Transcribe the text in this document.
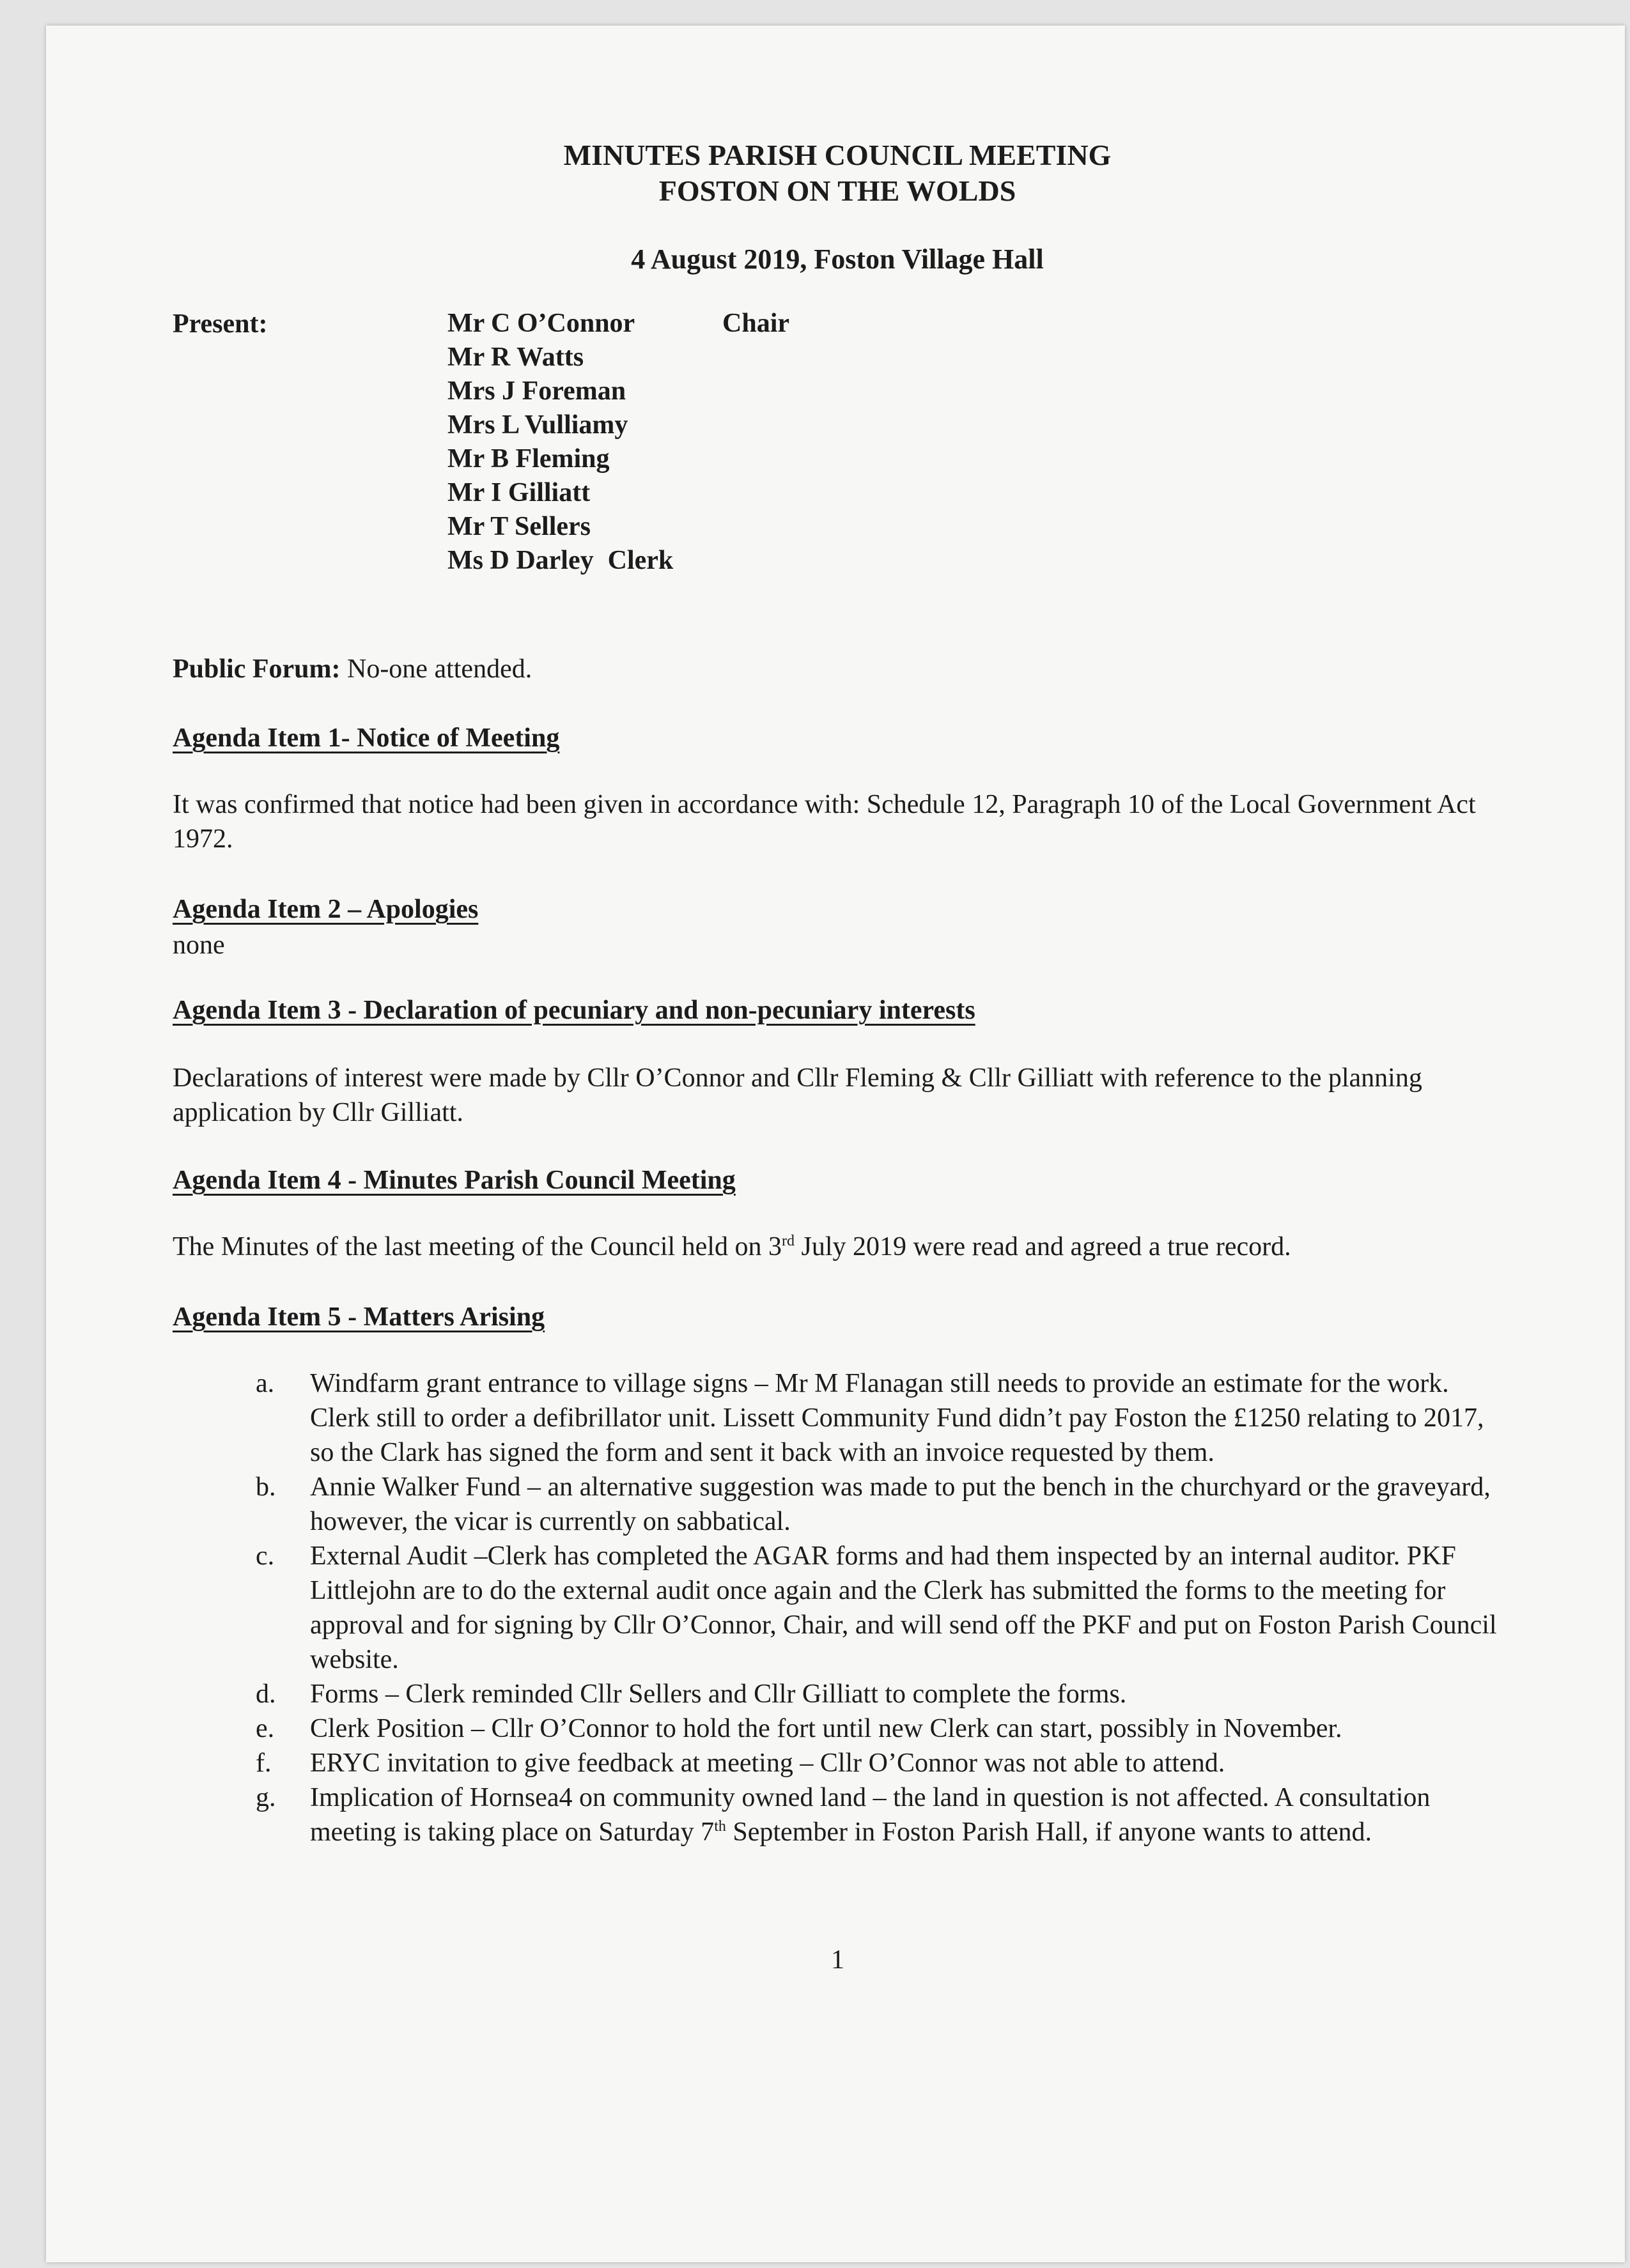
MINUTES PARISH COUNCIL MEETING
FOSTON ON THE WOLDS
4 August 2019, Foston Village Hall
Present:	Mr C O’Connor	Chair
Mr R Watts
Mrs J Foreman
Mrs L Vulliamy
Mr B Fleming
Mr I Gilliatt
Mr T Sellers
Ms D Darley Clerk
Public Forum: No-one attended.
Agenda Item 1- Notice of Meeting
It was confirmed that notice had been given in accordance with: Schedule 12, Paragraph 10 of the Local Government Act 1972.
Agenda Item 2 – Apologies
none
Agenda Item 3 - Declaration of pecuniary and non-pecuniary interests
Declarations of interest were made by Cllr O’Connor and Cllr Fleming & Cllr Gilliatt with reference to the planning application by Cllr Gilliatt.
Agenda Item 4 - Minutes Parish Council Meeting
The Minutes of the last meeting of the Council held on 3rd July 2019 were read and agreed a true record.
Agenda Item 5 - Matters Arising
a.	Windfarm grant entrance to village signs – Mr M Flanagan still needs to provide an estimate for the work. Clerk still to order a defibrillator unit. Lissett Community Fund didn’t pay Foston the £1250 relating to 2017, so the Clark has signed the form and sent it back with an invoice requested by them.
b.	Annie Walker Fund – an alternative suggestion was made to put the bench in the churchyard or the graveyard, however, the vicar is currently on sabbatical.
c.	External Audit –Clerk has completed the AGAR forms and had them inspected by an internal auditor. PKF Littlejohn are to do the external audit once again and the Clerk has submitted the forms to the meeting for approval and for signing by Cllr O’Connor, Chair, and will send off the PKF and put on Foston Parish Council website.
d.	Forms – Clerk reminded Cllr Sellers and Cllr Gilliatt to complete the forms.
e.	Clerk Position – Cllr O’Connor to hold the fort until new Clerk can start, possibly in November.
f.	ERYC invitation to give feedback at meeting – Cllr O’Connor was not able to attend.
g.	Implication of Hornsea4 on community owned land – the land in question is not affected. A consultation meeting is taking place on Saturday 7th September in Foston Parish Hall, if anyone wants to attend.
1
